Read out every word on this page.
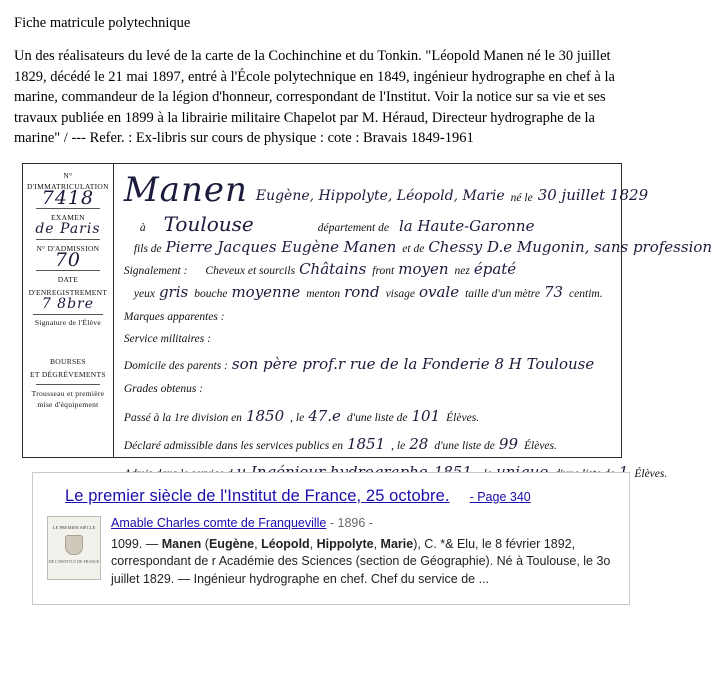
Fiche matricule polytechnique
Un des réalisateurs du levé de la carte de la Cochinchine et du Tonkin. "Léopold Manen né le 30 juillet 1829, décédé le 21 mai 1897, entré à l'École polytechnique en 1849, ingénieur hydrographe en chef à la marine, commandeur de la légion d'honneur, correspondant de l'Institut. Voir la notice sur sa vie et ses travaux publiée en 1899 à la librairie militaire Chapelot par M. Héraud, Directeur hydrographe de la marine" / --- Refer. : Ex-libris sur cours de physique : cote : Bravais 1849-1961
N° D'IMMATRICULATION
7418
EXAMEN
de Paris
N° D'ADMISSION
70
DATE
D'ENREGISTREMENT
7 8bre
Signature de l'Élève
BOURSES
ET DÉGRÈVEMENTS
Trousseau et première mise d'équipement
Manen Eugène, Hippolyte, Léopold, Marie né le 30 juillet 1829
à Toulouse	département de la Haute-Garonne
fils de Pierre Jacques Eugène Manen et de Chessy D.e Mugonin, sans profession
Signalement : Cheveux et sourcils Châtains front moyen nez épaté
yeux gris bouche moyenne menton rond visage ovale taille d'un mètre 73 centim.
Marques apparentes :
Service militaires :
Domicile des parents : son père prof.r rue de la Fonderie 8 H Toulouse
Grades obtenus :
Passé à la 1re division en 1850 , le 47.e d'une liste de 101 Élèves.
Déclaré admissible dans les services publics en 1851 , le 28 d'une liste de 99 Élèves.
Élèves.
Le premier siècle de l'Institut de France, 25 octobre. - Page 340
LE PREMIER SIÈCLE
DE L'INSTITUT DE FRANCE
Amable Charles comte de Franqueville - 1896 -
1099. — Manen (Eugène, Léopold, Hippolyte, Marie), C. *& Elu, le 8 février 1892, correspondant de r Académie des Sciences (section de Géographie). Né à Toulouse, le 3o juillet 1829. — Ingénieur hydrographe en chef. Chef du service de ...
